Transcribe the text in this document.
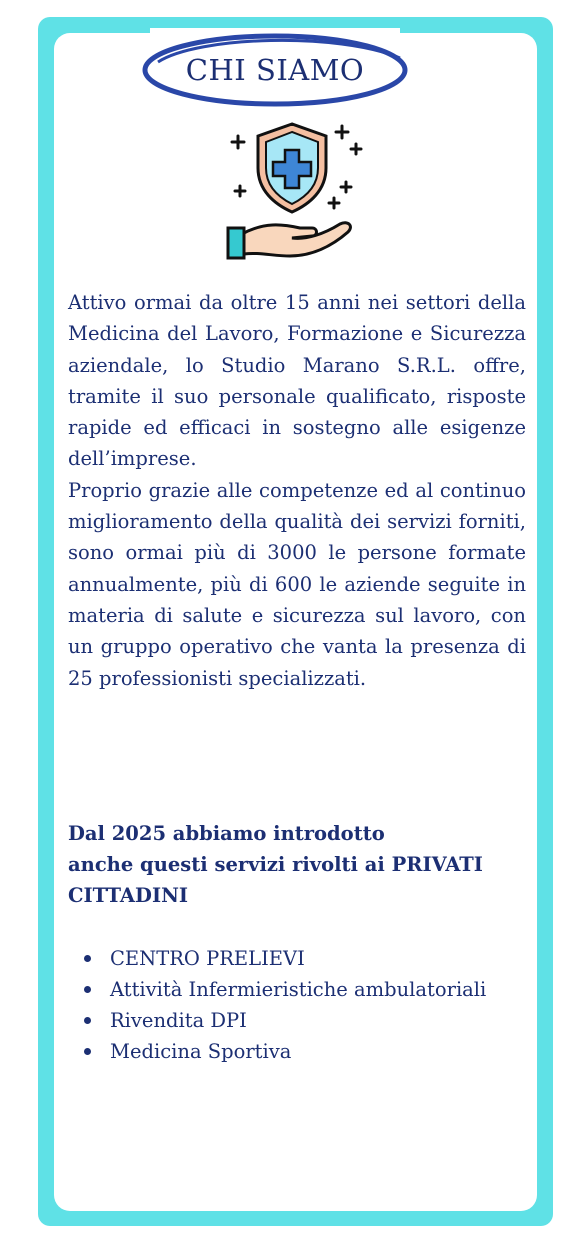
CHI SIAMO

Attivo ormai da oltre 15 anni nei settori della Medicina del Lavoro, Formazione e Sicurezza aziendale, lo Studio Marano S.R.L. offre, tramite il suo personale qualificato, risposte rapide ed efficaci in sostegno alle esigenze dell’imprese.

Proprio grazie alle competenze ed al continuo miglioramento della qualità dei servizi forniti, sono ormai più di 3000 le persone formate annualmente, più di 600 le aziende seguite in materia di salute e sicurezza sul lavoro, con un gruppo operativo che vanta la presenza di 25 professionisti specializzati.

Dal 2025 abbiamo introdotto
anche questi servizi rivolti ai PRIVATI
CITTADINI
CENTRO PRELIEVI
Attività Infermieristiche ambulatoriali
Rivendita DPI
Medicina Sportiva
